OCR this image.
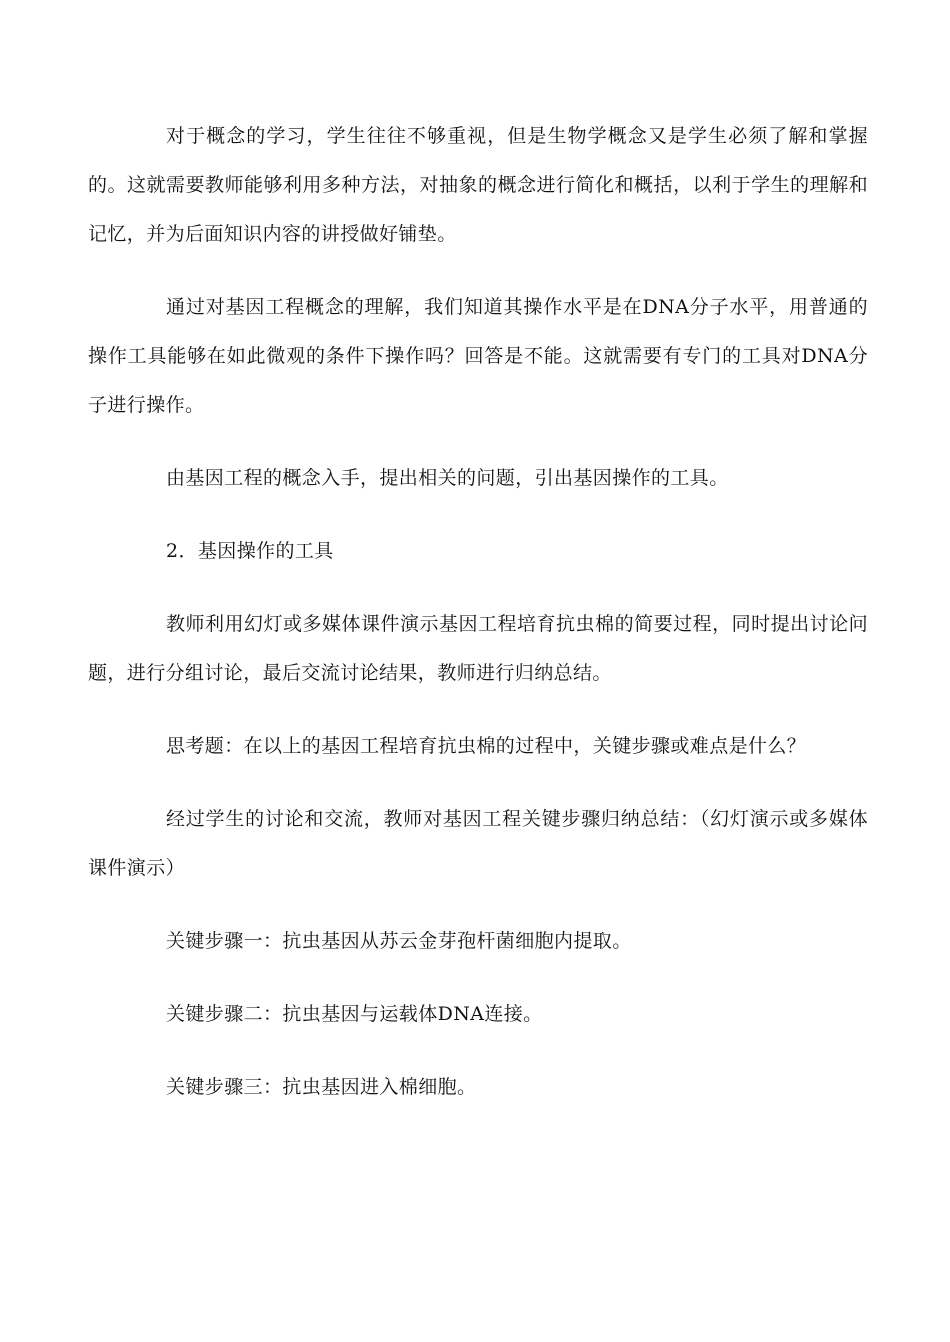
对于概念的学习，学生往往不够重视，但是生物学概念又是学生必须了解和掌握的。这就需要教师能够利用多种方法，对抽象的概念进行简化和概括，以利于学生的理解和记忆，并为后面知识内容的讲授做好铺垫。

通过对基因工程概念的理解，我们知道其操作水平是在DNA分子水平，用普通的操作工具能够在如此微观的条件下操作吗？回答是不能。这就需要有专门的工具对DNA分子进行操作。

由基因工程的概念入手，提出相关的问题，引出基因操作的工具。

2．基因操作的工具

教师利用幻灯或多媒体课件演示基因工程培育抗虫棉的简要过程，同时提出讨论问题，进行分组讨论，最后交流讨论结果，教师进行归纳总结。

思考题：在以上的基因工程培育抗虫棉的过程中，关键步骤或难点是什么？

经过学生的讨论和交流，教师对基因工程关键步骤归纳总结：（幻灯演示或多媒体课件演示）

关键步骤一：抗虫基因从苏云金芽孢杆菌细胞内提取。

关键步骤二：抗虫基因与运载体DNA连接。

关键步骤三：抗虫基因进入棉细胞。
